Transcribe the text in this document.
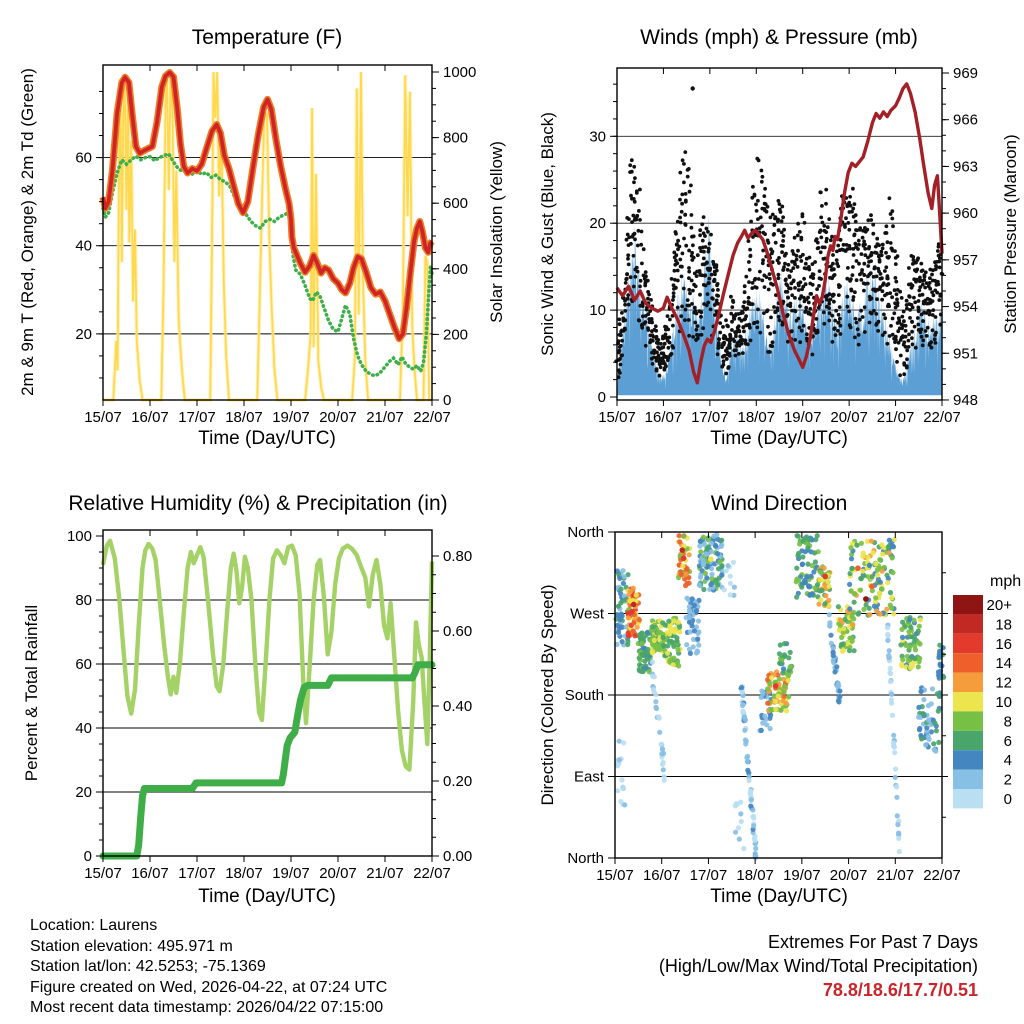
20
40
60
0
200
400
600
800
1000
15/07 16/07 17/07 18/07 19/07 20/07 21/07 22/07
0
10
20
30
948
951
954
957
960
963
966
969
15/07 16/07 17/07 18/07 19/07 20/07 21/07 22/07
0
20
40
60
80
100
0.00
0.20
0.40
0.60
0.80
15/07 16/07 17/07 18/07 19/07 20/07 21/07 22/07
North
West
South
East
North
15/07 16/07 17/07 18/07 19/07 20/07 21/07 22/07
mph
20+
18
16
14
12
10
8
6
4
2
0
Temperature (F)	Winds (mph) & Pressure (mb)
Relative Humidity (%) & Precipitation (in)	Wind Direction
2m & 9m T (Red, Orange) & 2m Td (Green)	Solar Insolation (Yellow) Sonic Wind & Gust (Blue, Black)	Station Pressure (Maroon)
Percent & Total Rainfall	Direction (Colored By Speed)
Time (Day/UTC)	Time (Day/UTC)
Time (Day/UTC)	Time (Day/UTC)
Location: Laurens
Station elevation: 495.971 m
Station lat/lon: 42.5253; -75.1369
Figure created on Wed, 2026-04-22, at 07:24 UTC
Most recent data timestamp: 2026/04/22 07:15:00
Extremes For Past 7 Days
(High/Low/Max Wind/Total Precipitation)
78.8/18.6/17.7/0.51
